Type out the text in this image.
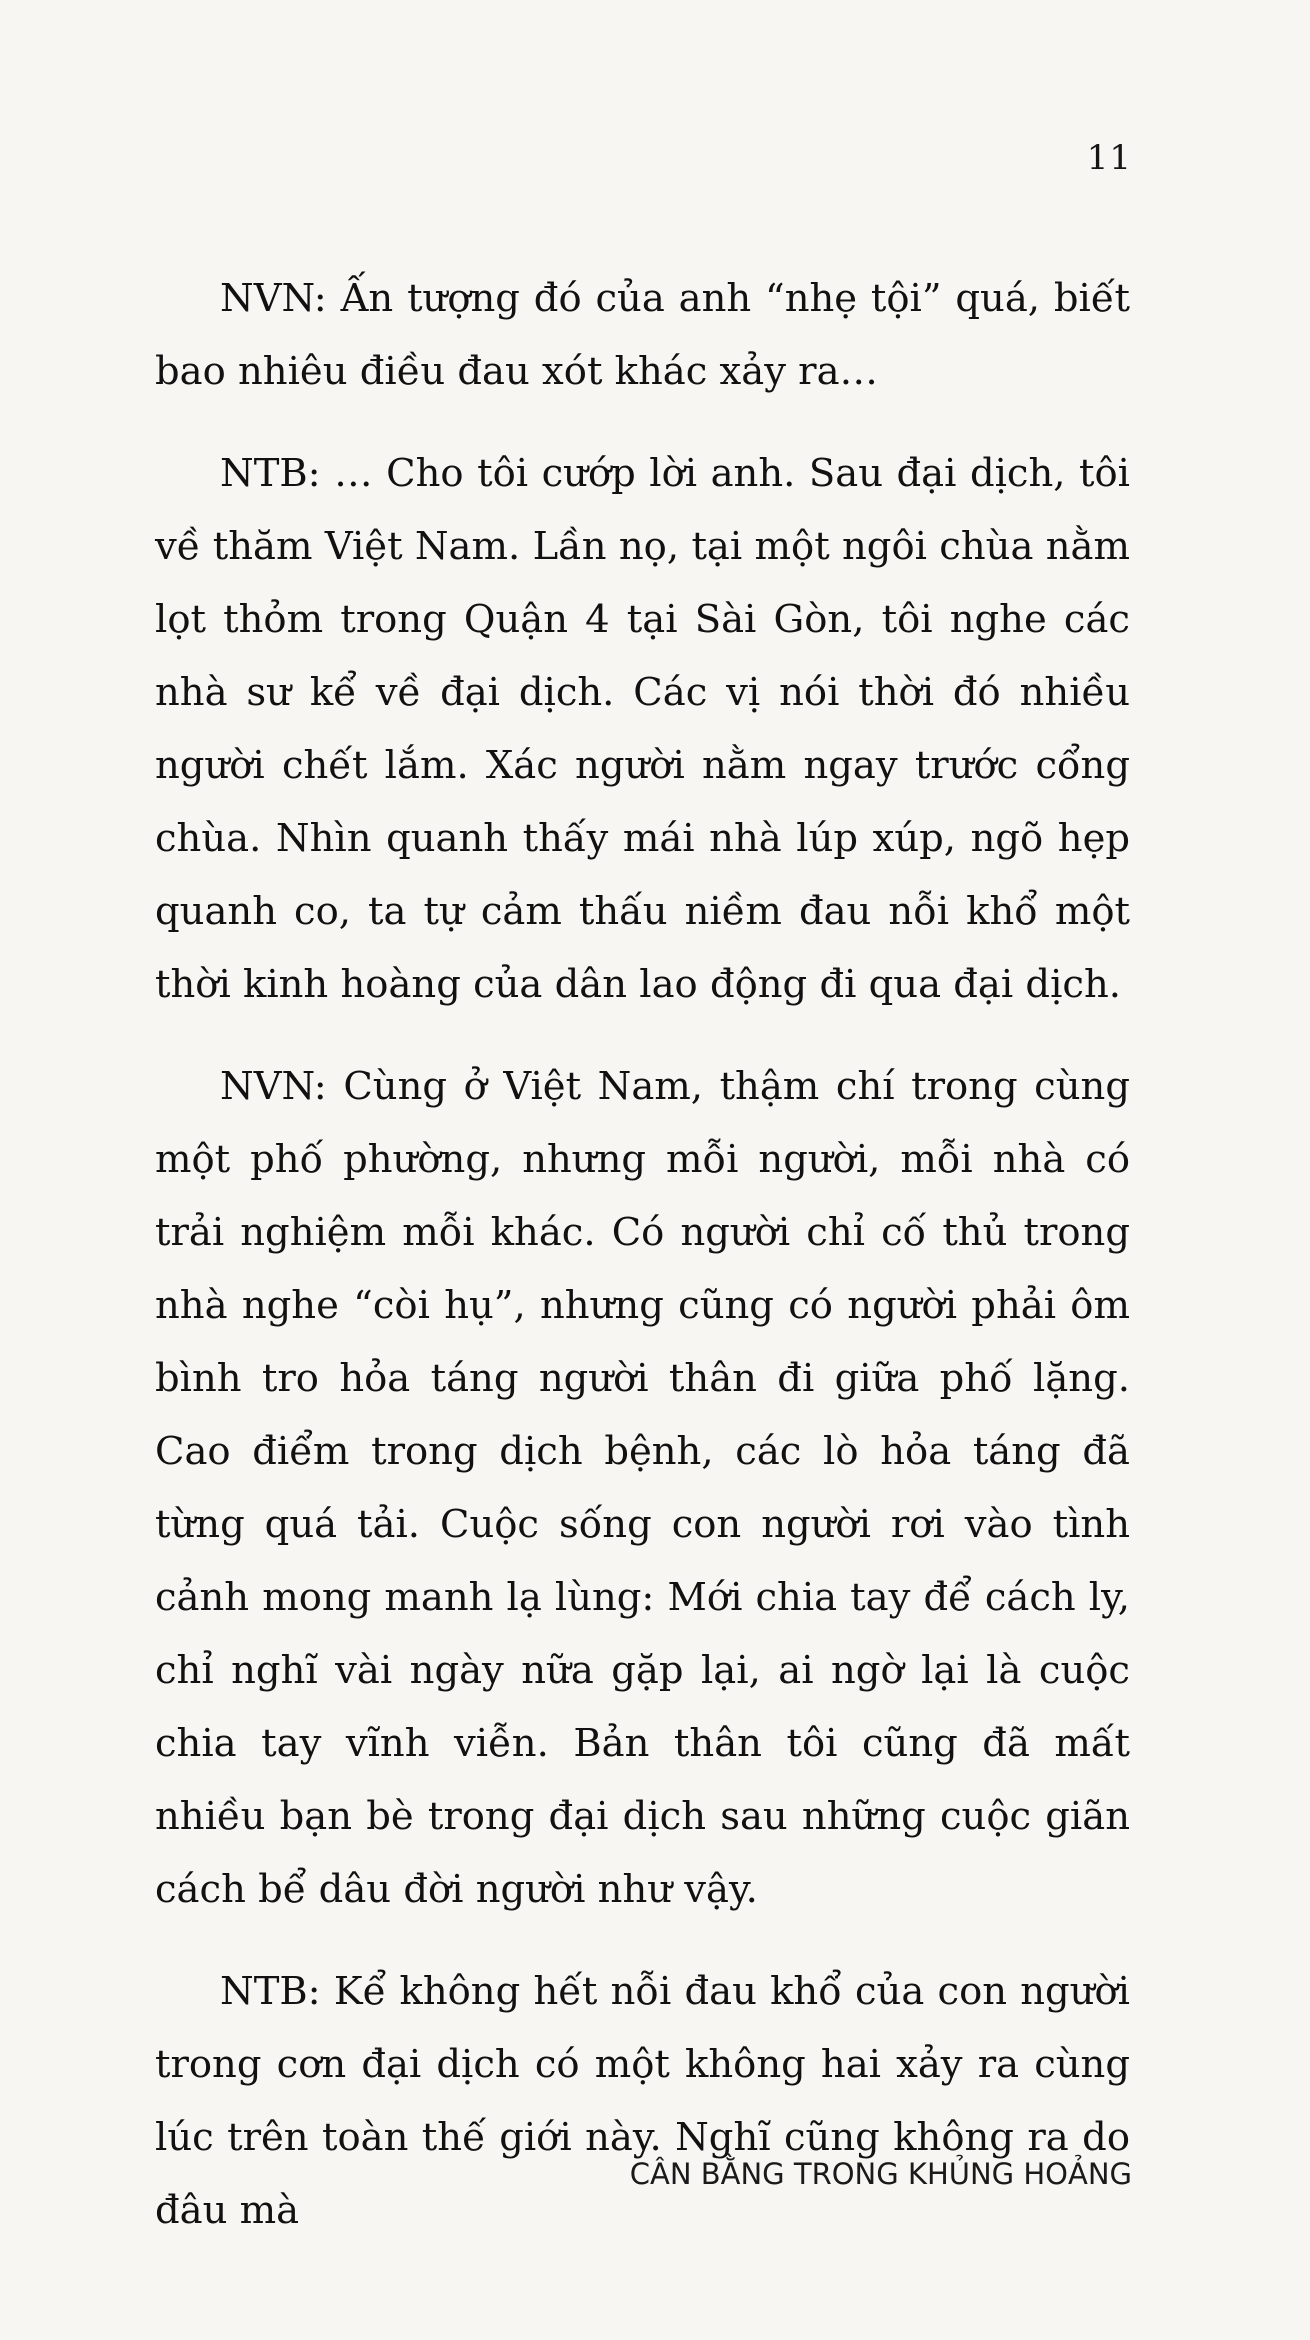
11

NVN: Ấn tượng đó của anh “nhẹ tội” quá, biết bao nhiêu điều đau xót khác xảy ra…

NTB: … Cho tôi cướp lời anh. Sau đại dịch, tôi về thăm Việt Nam. Lần nọ, tại một ngôi chùa nằm lọt thỏm trong Quận 4 tại Sài Gòn, tôi nghe các nhà sư kể về đại dịch. Các vị nói thời đó nhiều người chết lắm. Xác người nằm ngay trước cổng chùa. Nhìn quanh thấy mái nhà lúp xúp, ngõ hẹp quanh co, ta tự cảm thấu niềm đau nỗi khổ một thời kinh hoàng của dân lao động đi qua đại dịch.

NVN: Cùng ở Việt Nam, thậm chí trong cùng một phố phường, nhưng mỗi người, mỗi nhà có trải nghiệm mỗi khác. Có người chỉ cố thủ trong nhà nghe “còi hụ”, nhưng cũng có người phải ôm bình tro hỏa táng người thân đi giữa phố lặng. Cao điểm trong dịch bệnh, các lò hỏa táng đã từng quá tải. Cuộc sống con người rơi vào tình cảnh mong manh lạ lùng: Mới chia tay để cách ly, chỉ nghĩ vài ngày nữa gặp lại, ai ngờ lại là cuộc chia tay vĩnh viễn. Bản thân tôi cũng đã mất nhiều bạn bè trong đại dịch sau những cuộc giãn cách bể dâu đời người như vậy.

NTB: Kể không hết nỗi đau khổ của con người trong cơn đại dịch có một không hai xảy ra cùng lúc trên toàn thế giới này. Nghĩ cũng không ra do đâu mà

CÂN BẰNG TRONG KHỦNG HOẢNG
